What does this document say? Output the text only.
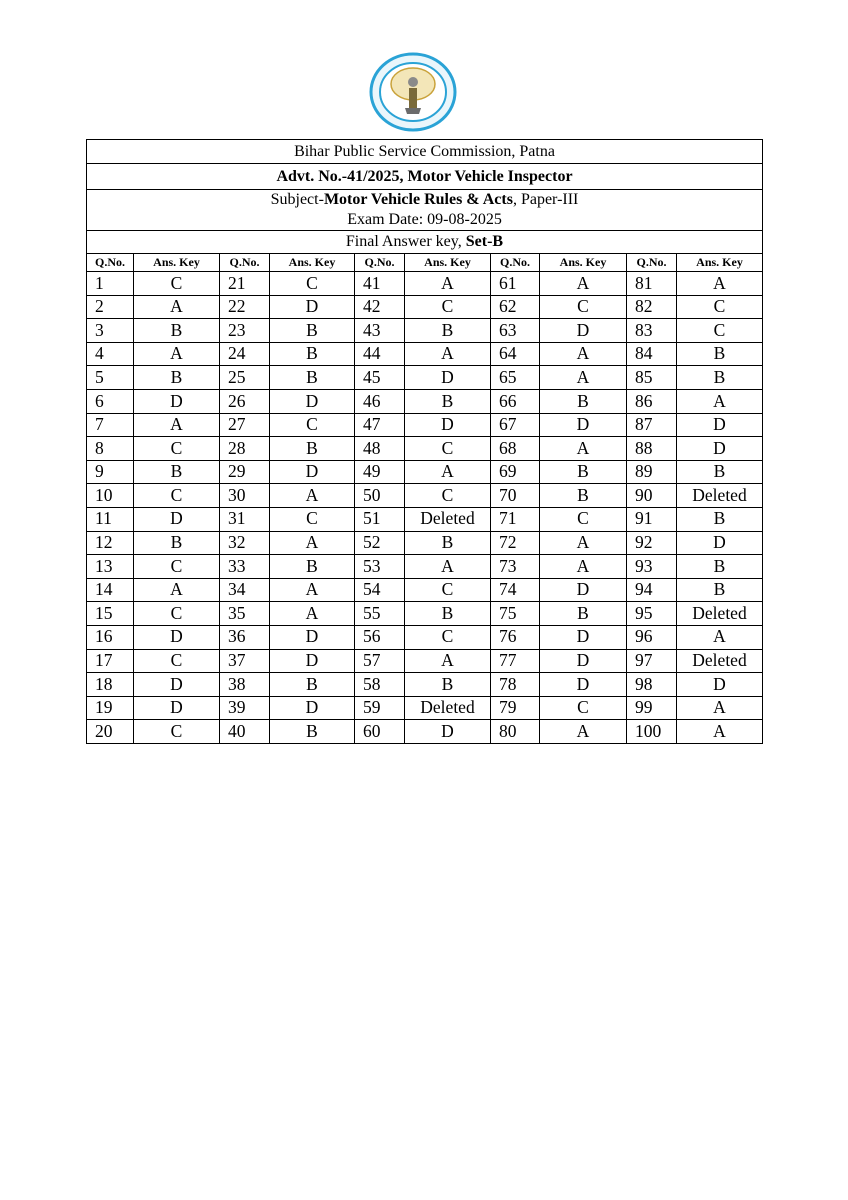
Bihar Public Service Commission, Patna									
Advt. No.-41/2025, Motor Vehicle Inspector									
Subject-Motor Vehicle Rules & Acts, Paper-III									
Exam Date: 09-08-2025									
Final Answer key, Set-B									
Q.No.	Ans. Key	Q.No.	Ans. Key	Q.No.	Ans. Key	Q.No.	Ans. Key	Q.No.	Ans. Key
1	C	21	C	41	A	61	A	81	A
2	A	22	D	42	C	62	C	82	C
3	B	23	B	43	B	63	D	83	C
4	A	24	B	44	A	64	A	84	B
5	B	25	B	45	D	65	A	85	B
6	D	26	D	46	B	66	B	86	A
7	A	27	C	47	D	67	D	87	D
8	C	28	B	48	C	68	A	88	D
9	B	29	D	49	A	69	B	89	B
10	C	30	A	50	C	70	B	90	Deleted
11	D	31	C	51	Deleted	71	C	91	B
12	B	32	A	52	B	72	A	92	D
13	C	33	B	53	A	73	A	93	B
14	A	34	A	54	C	74	D	94	B
15	C	35	A	55	B	75	B	95	Deleted
16	D	36	D	56	C	76	D	96	A
17	C	37	D	57	A	77	D	97	Deleted
18	D	38	B	58	B	78	D	98	D
19	D	39	D	59	Deleted	79	C	99	A
20	C	40	B	60	D	80	A	100	A
